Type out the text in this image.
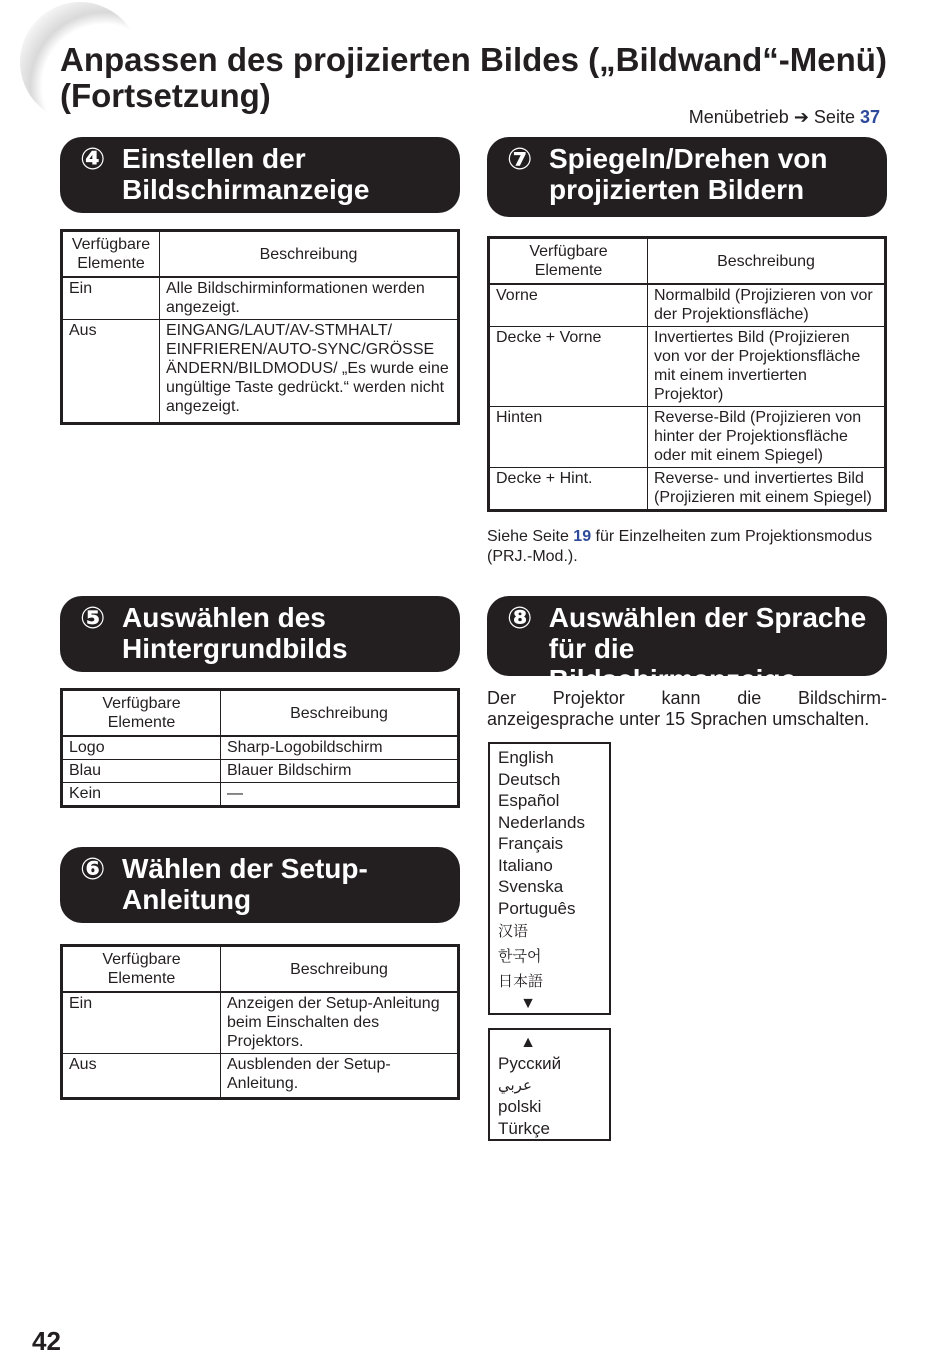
Anpassen des projizierten Bildes („Bildwand“-Menü)
(Fortsetzung)
Menübetrieb ➔ Seite 37
④ Einstellen der
Bildschirmanzeige
Verfügbare Elemente	Beschreibung
Ein	Alle Bildschirminformationen werden angezeigt.
Aus	EINGANG/LAUT/AV-STMHALT/ EINFRIEREN/AUTO-SYNC/GRÖSSE ÄNDERN/BILDMODUS/ „Es wurde eine ungültige Taste gedrückt.“ werden nicht angezeigt.
⑦ Spiegeln/Drehen von
projizierten Bildern
Verfügbare Elemente	Beschreibung
Vorne	Normalbild (Projizieren von vor der Projektionsfläche)
Decke + Vorne	Invertiertes Bild (Projizieren von vor der Projektionsfläche mit einem invertierten Projektor)
Hinten	Reverse-Bild (Projizieren von hinter der Projektionsfläche oder mit einem Spiegel)
Decke + Hint.	Reverse- und invertiertes Bild (Projizieren mit einem Spiegel)
Siehe Seite 19 für Einzelheiten zum Projektionsmodus (PRJ.-Mod.).
⑤ Auswählen des
Hintergrundbilds
Verfügbare Elemente	Beschreibung
Logo	Sharp-Logobildschirm
Blau	Blauer Bildschirm
Kein	—
⑧ Auswählen der Sprache
für die Bildschirmanzeige
Der Projektor kann die Bildschirm-
anzeigesprache unter 15 Sprachen umschalten.
English
Deutsch
Español
Nederlands
Français
Italiano
Svenska
Português
汉语
한국어
日本語
▼
▲
Русский
عربي
polski
Türkçe
⑥ Wählen der Setup-
Anleitung
Verfügbare Elemente	Beschreibung
Ein	Anzeigen der Setup-Anleitung beim Einschalten des Projektors.
Aus	Ausblenden der Setup-Anleitung.
42
